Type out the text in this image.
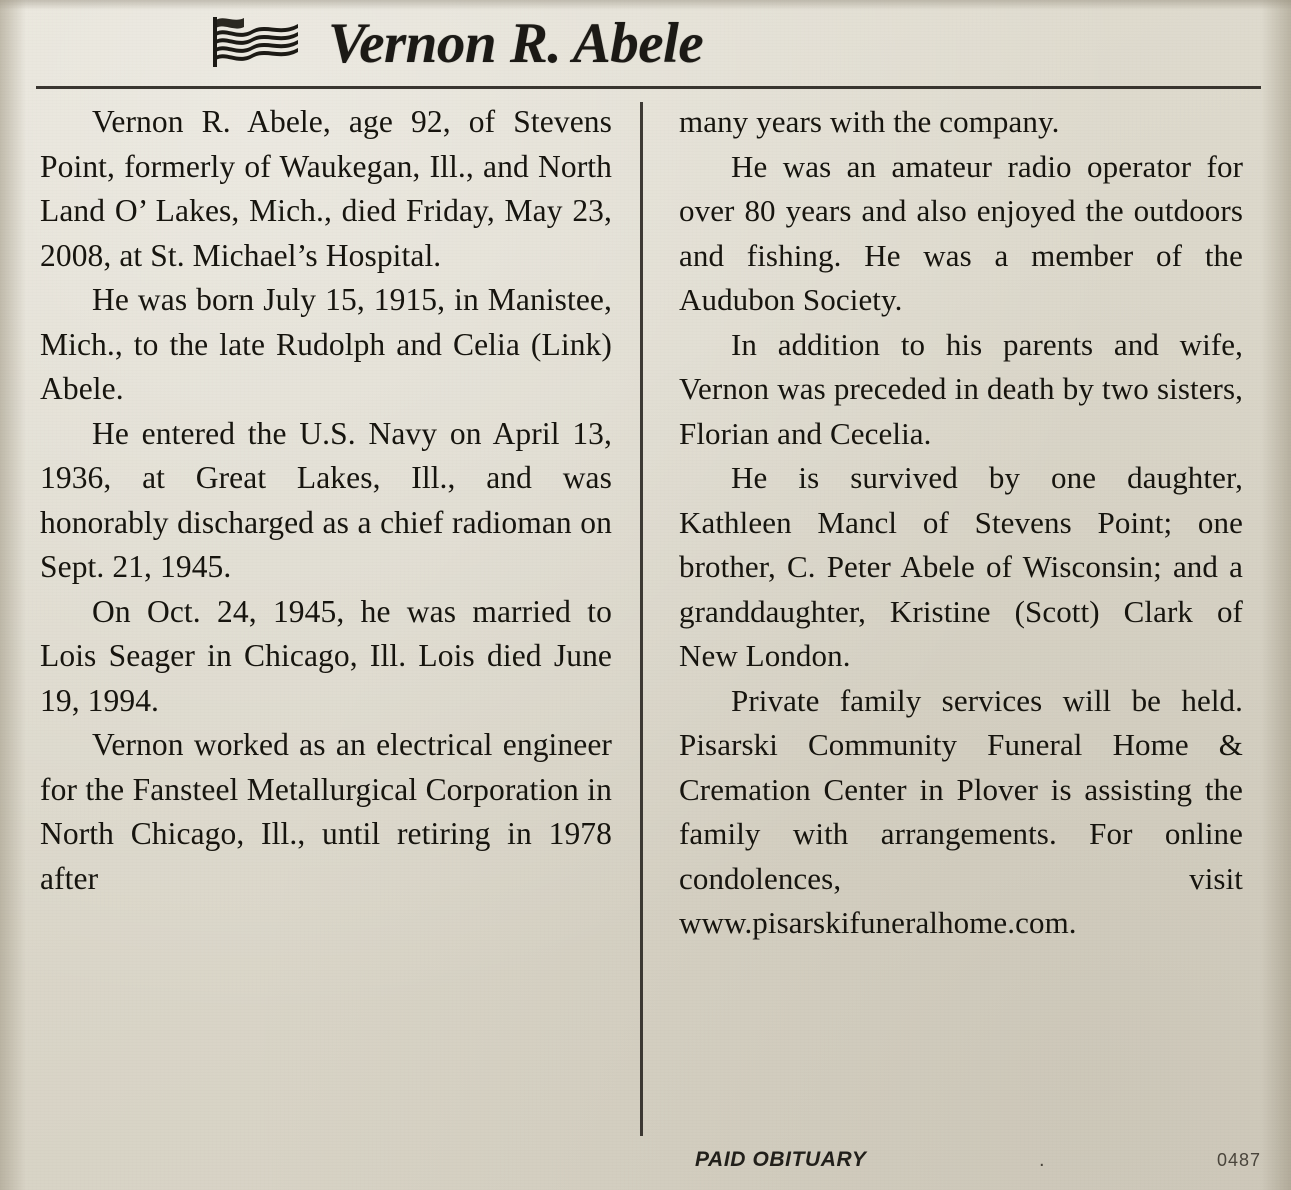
Vernon R. Abele

Vernon R. Abele, age 92, of Stevens Point, formerly of Waukegan, Ill., and North Land O’ Lakes, Mich., died Friday, May 23, 2008, at St. Michael’s Hospital.

He was born July 15, 1915, in Manistee, Mich., to the late Rudolph and Celia (Link) Abele.

He entered the U.S. Navy on April 13, 1936, at Great Lakes, Ill., and was honorably discharged as a chief radioman on Sept. 21, 1945.

On Oct. 24, 1945, he was married to Lois Seager in Chicago, Ill. Lois died June 19, 1994.

Vernon worked as an electrical engineer for the Fansteel Metallurgical Corporation in North Chicago, Ill., until retiring in 1978 after

many years with the company.

He was an amateur radio operator for over 80 years and also enjoyed the outdoors and fishing. He was a member of the Audubon Society.

In addition to his parents and wife, Vernon was preceded in death by two sisters, Florian and Cecelia.

He is survived by one daughter, Kathleen Mancl of Stevens Point; one brother, C. Peter Abele of Wisconsin; and a granddaughter, Kristine (Scott) Clark of New London.

Private family services will be held. Pisarski Community Funeral Home & Cremation Center in Plover is assisting the family with arrangements. For online condolences, visit www.pisarskifuneralhome.com.

PAID OBITUARY	.	0487
